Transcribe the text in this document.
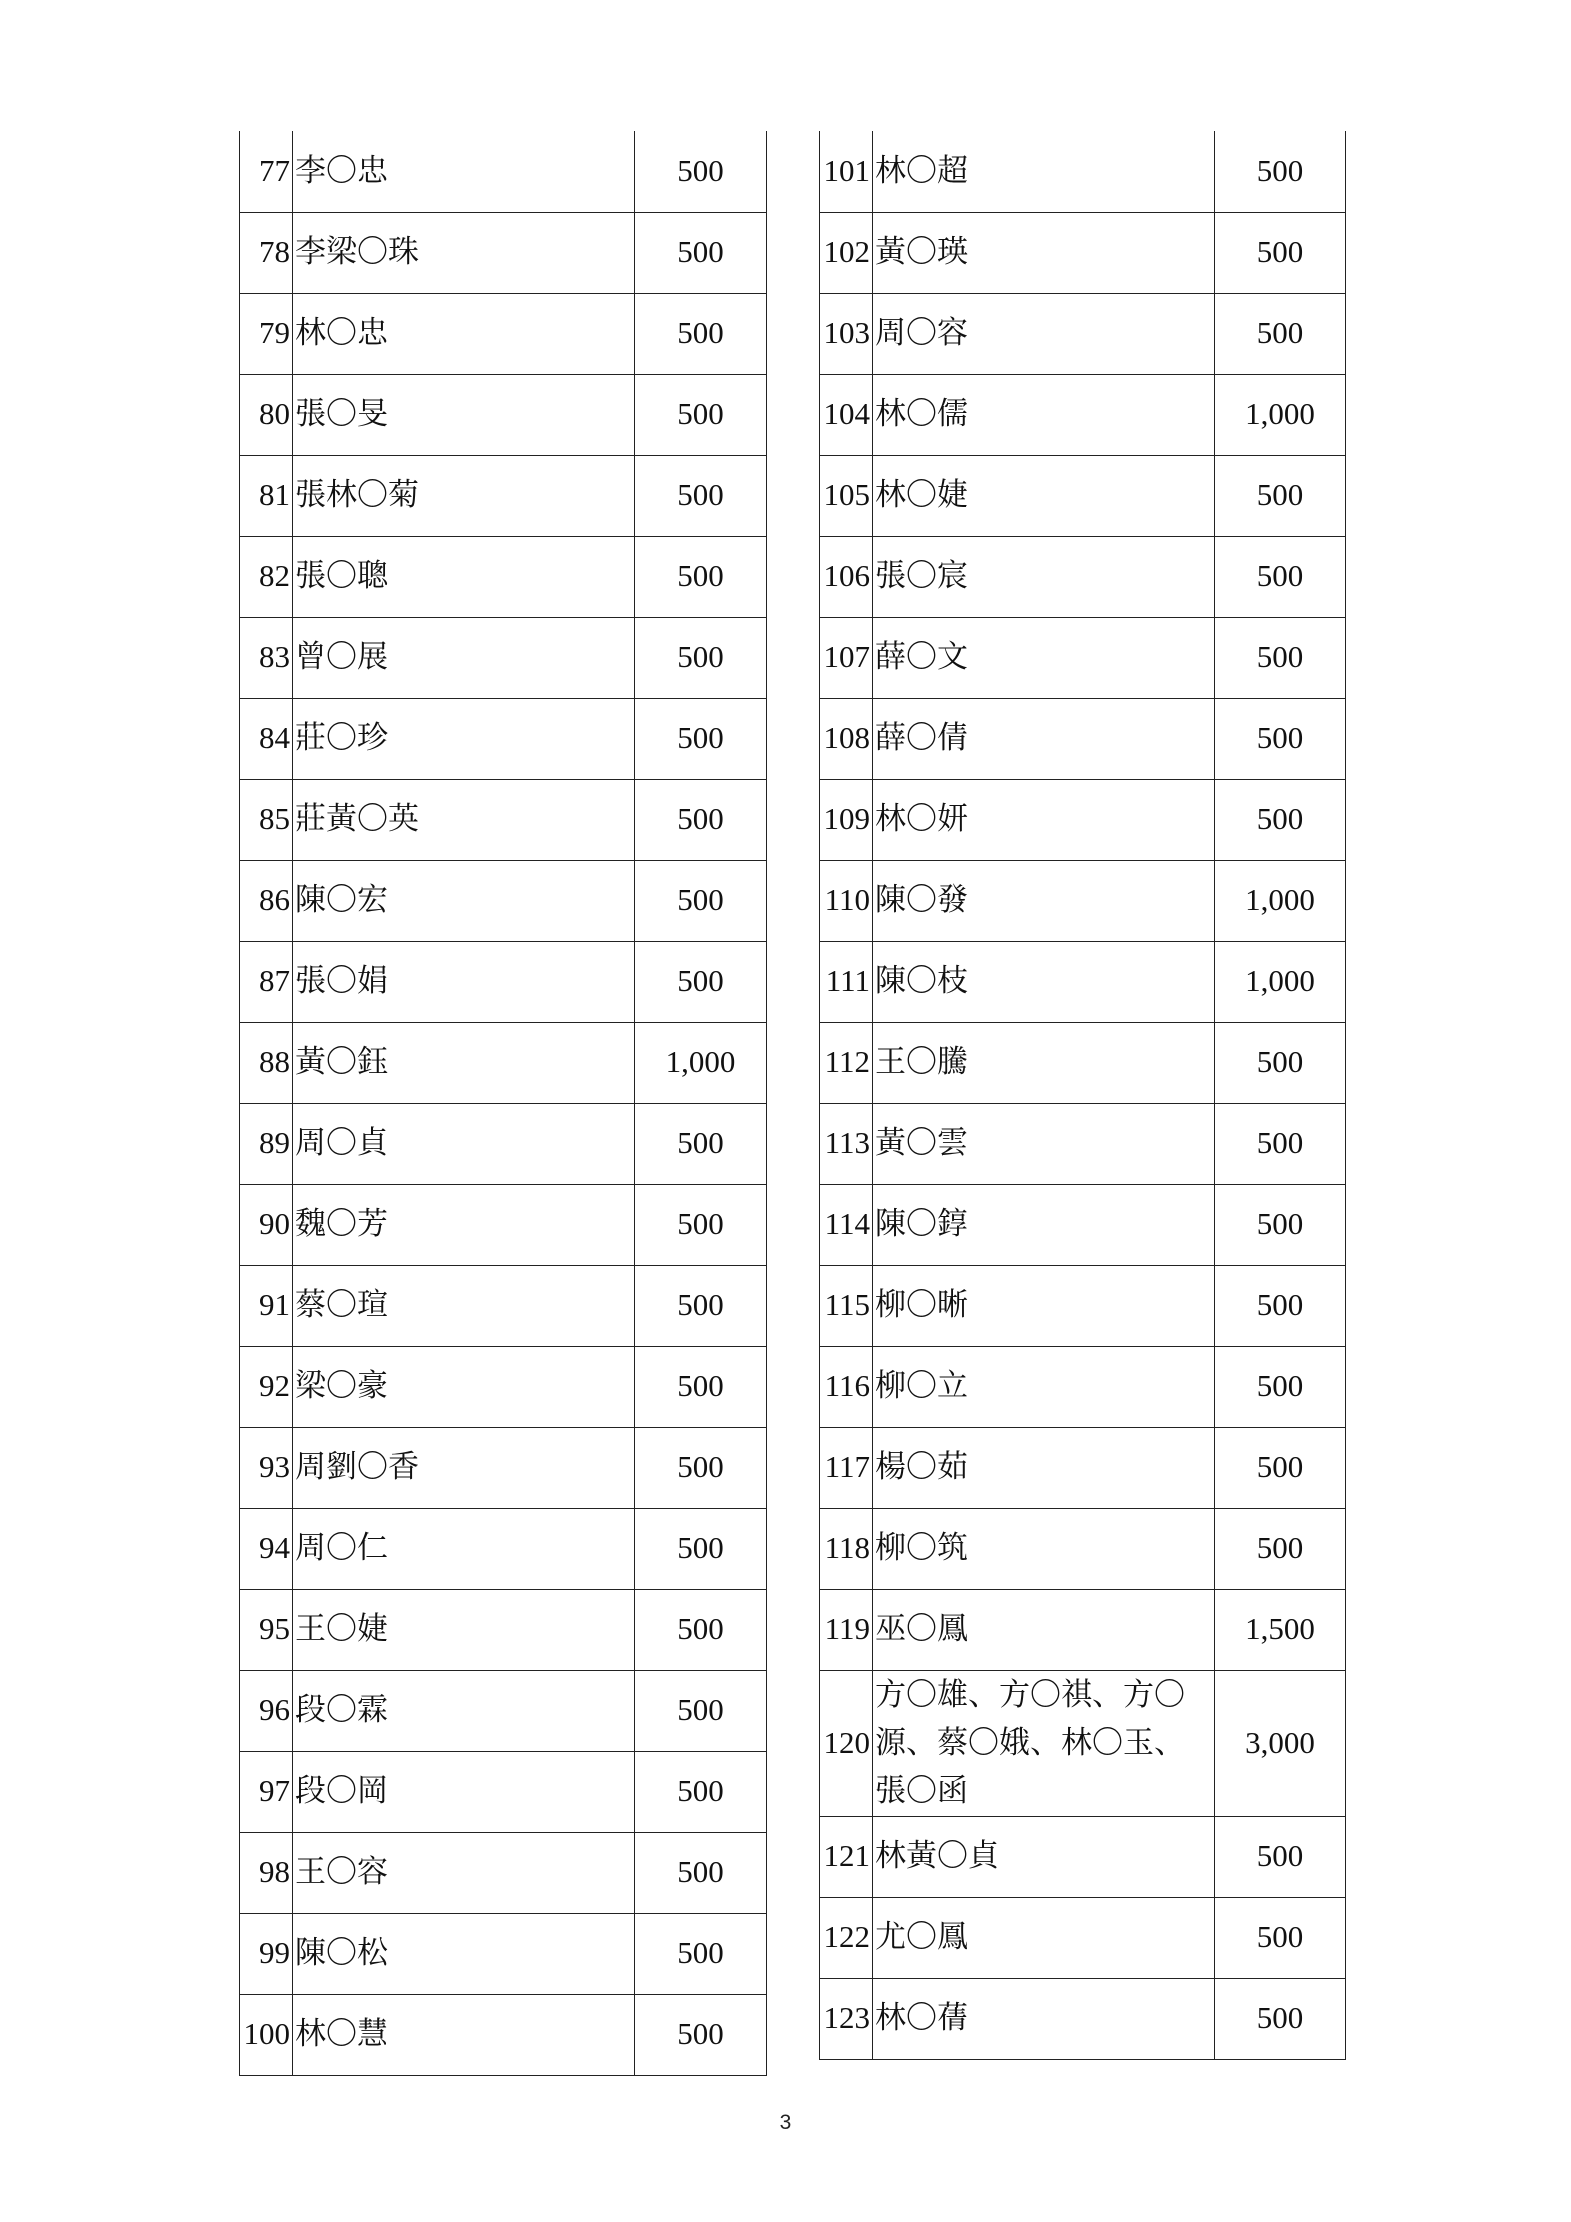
77	李〇忠	500
78	李梁〇珠	500
79	林〇忠	500
80	張〇旻	500
81	張林〇菊	500
82	張〇聰	500
83	曾〇展	500
84	莊〇珍	500
85	莊黃〇英	500
86	陳〇宏	500
87	張〇娟	500
88	黃〇鈺	1,000
89	周〇貞	500
90	魏〇芳	500
91	蔡〇瑄	500
92	梁〇豪	500
93	周劉〇香	500
94	周〇仁	500
95	王〇婕	500
96	段〇霖	500
97	段〇岡	500
98	王〇容	500
99	陳〇松	500
100	林〇慧	500
101	林〇超	500
102	黃〇瑛	500
103	周〇容	500
104	林〇儒	1,000
105	林〇婕	500
106	張〇宸	500
107	薛〇文	500
108	薛〇倩	500
109	林〇妍	500
110	陳〇發	1,000
111	陳〇枝	1,000
112	王〇騰	500
113	黃〇雲	500
114	陳〇錞	500
115	柳〇晰	500
116	柳〇立	500
117	楊〇茹	500
118	柳〇筑	500
119	巫〇鳳	1,500
120	方〇雄、方〇祺、方〇源、蔡〇娥、林〇玉、張〇函	3,000
121	林黃〇貞	500
122	尤〇鳳	500
123	林〇蒨	500
3
